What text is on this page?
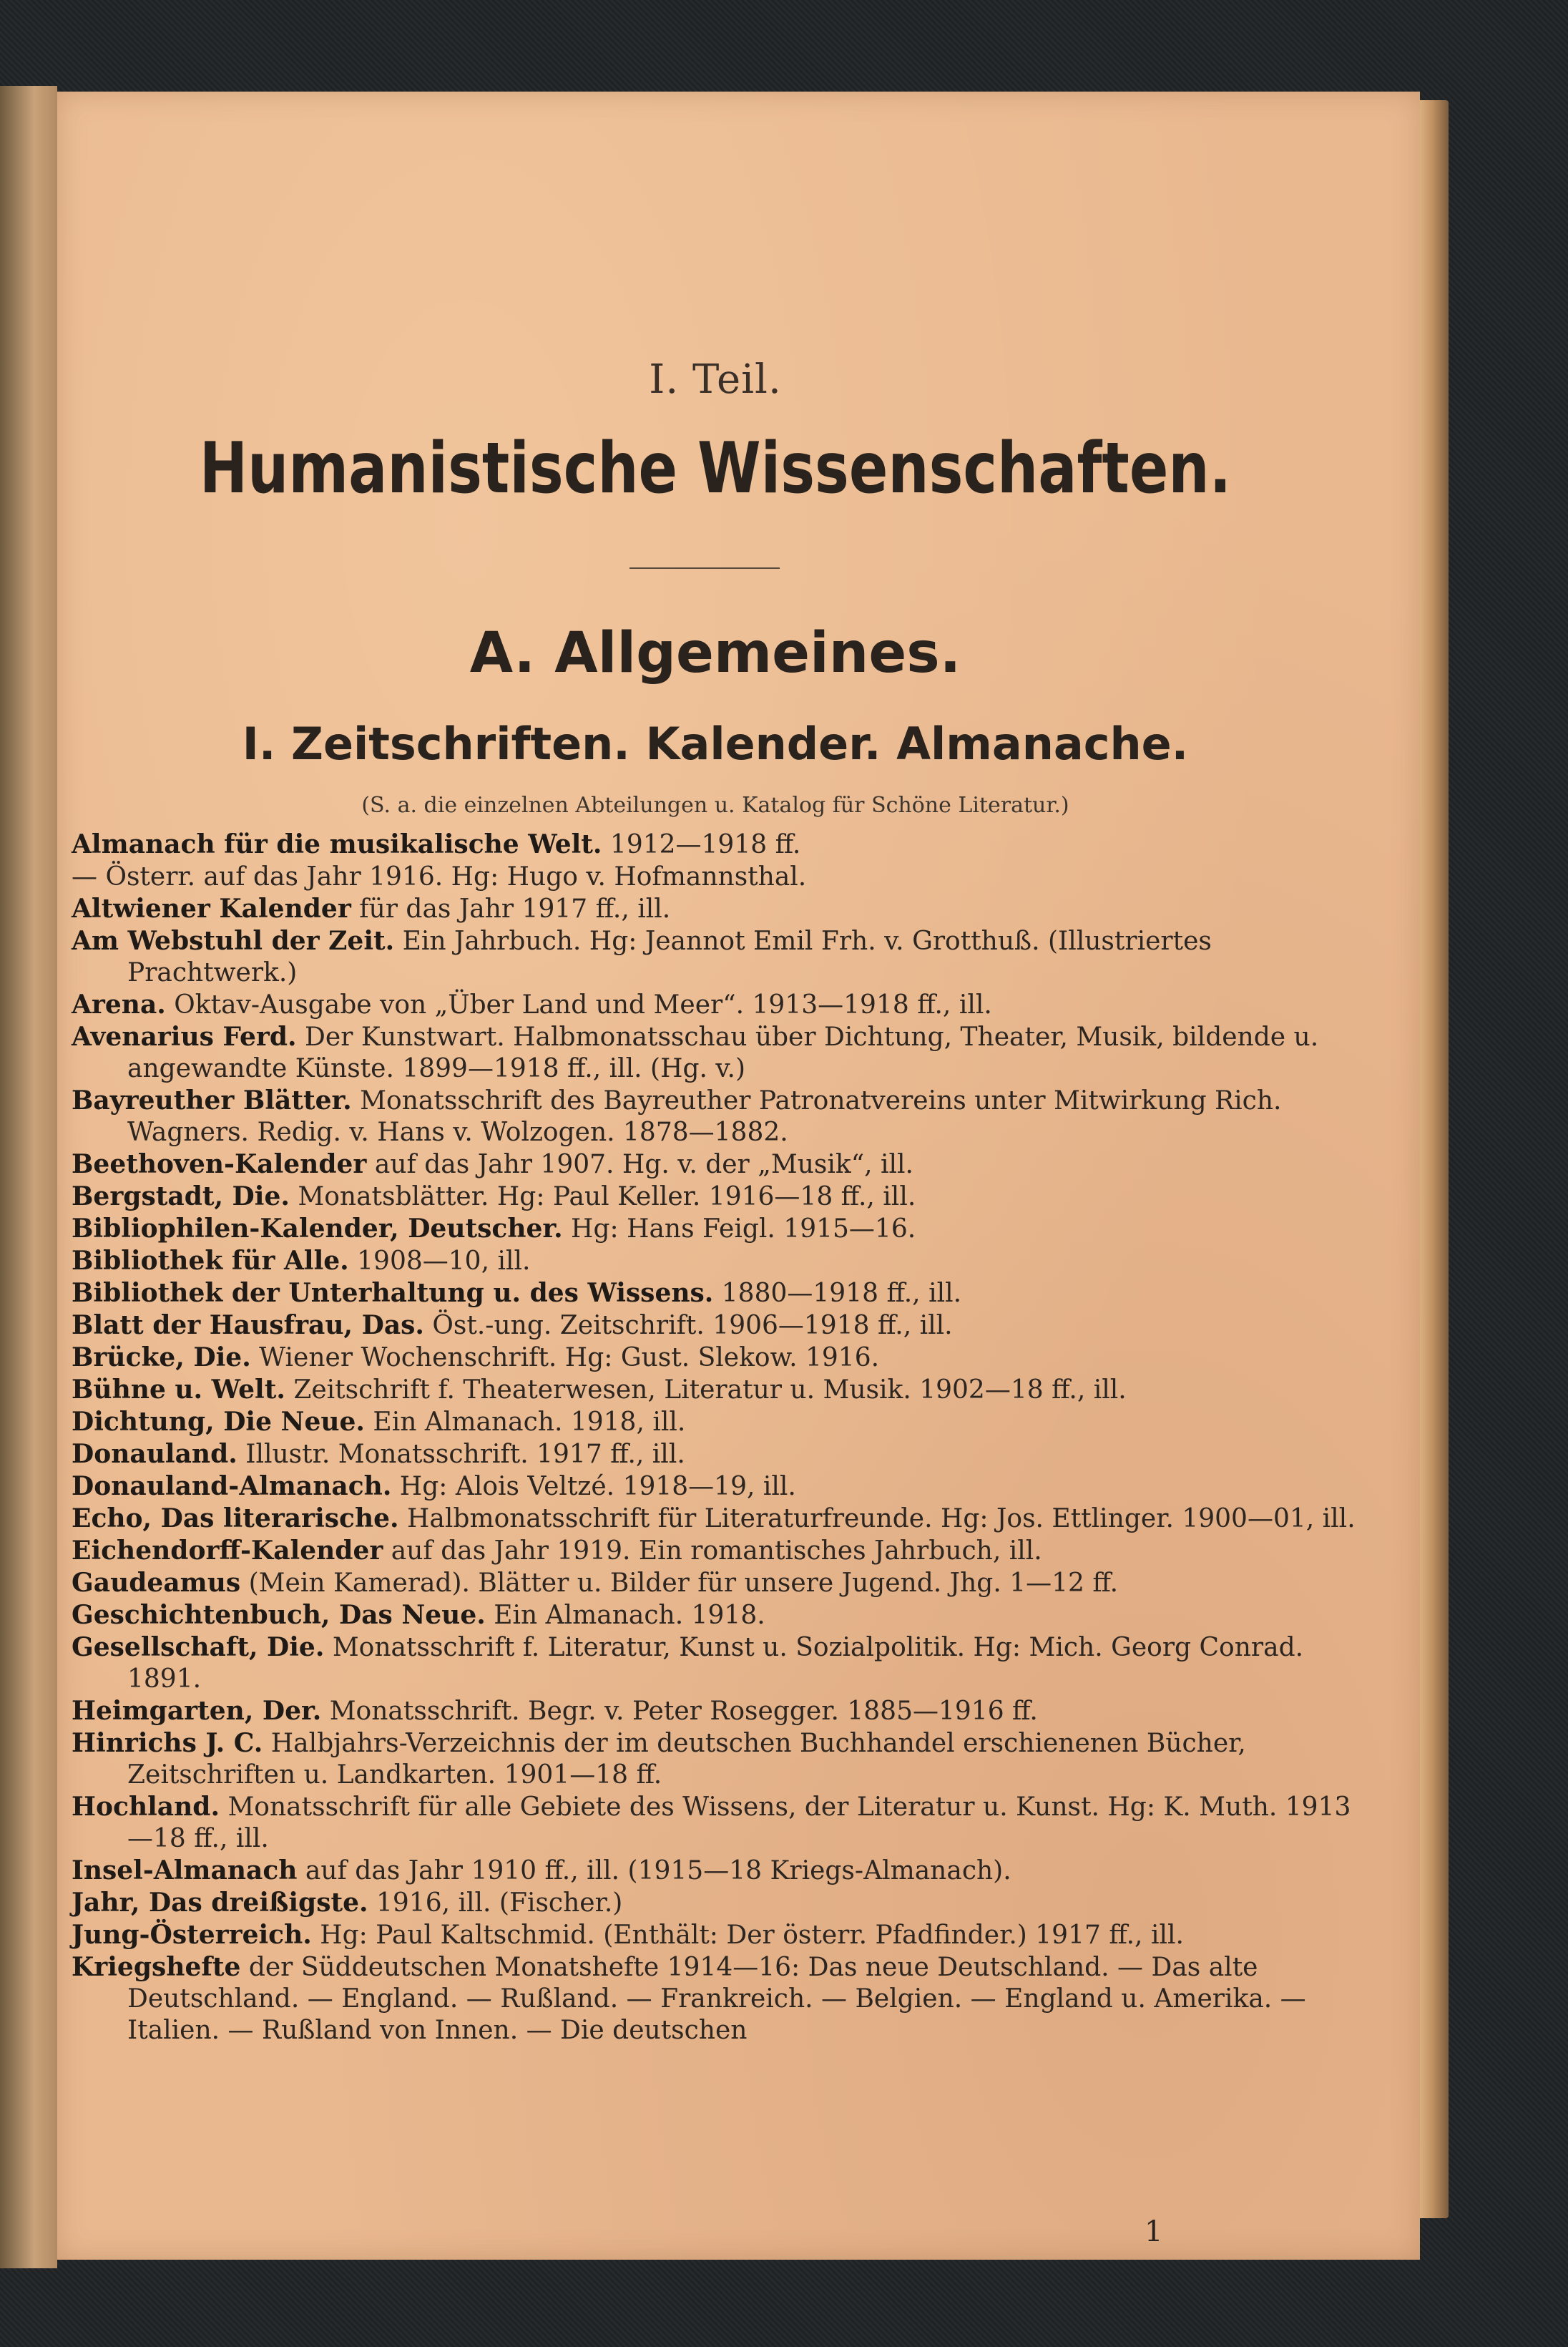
I. Teil.
Humanistische Wissenschaften.
A. Allgemeines.
I. Zeitschriften. Kalender. Almanache.
(S. a. die einzelnen Abteilungen u. Katalog für Schöne Literatur.)
Almanach für die musikalische Welt. 1912—1918 ff.
— Österr. auf das Jahr 1916. Hg: Hugo v. Hofmannsthal.
Altwiener Kalender für das Jahr 1917 ff., ill.
Am Webstuhl der Zeit. Ein Jahrbuch. Hg: Jeannot Emil Frh. v. Grotthuß. (Illustriertes Prachtwerk.)
Arena. Oktav-Ausgabe von „Über Land und Meer“. 1913—1918 ff., ill.
Avenarius Ferd. Der Kunstwart. Halbmonatsschau über Dichtung, Theater, Musik, bildende u. angewandte Künste. 1899—1918 ff., ill. (Hg. v.)
Bayreuther Blätter. Monatsschrift des Bayreuther Patronatvereins unter Mitwirkung Rich. Wagners. Redig. v. Hans v. Wolzogen. 1878—1882.
Beethoven-Kalender auf das Jahr 1907. Hg. v. der „Musik“, ill.
Bergstadt, Die. Monatsblätter. Hg: Paul Keller. 1916—18 ff., ill.
Bibliophilen-Kalender, Deutscher. Hg: Hans Feigl. 1915—16.
Bibliothek für Alle. 1908—10, ill.
Bibliothek der Unterhaltung u. des Wissens. 1880—1918 ff., ill.
Blatt der Hausfrau, Das. Öst.-ung. Zeitschrift. 1906—1918 ff., ill.
Brücke, Die. Wiener Wochenschrift. Hg: Gust. Slekow. 1916.
Bühne u. Welt. Zeitschrift f. Theaterwesen, Literatur u. Musik. 1902—18 ff., ill.
Dichtung, Die Neue. Ein Almanach. 1918, ill.
Donauland. Illustr. Monatsschrift. 1917 ff., ill.
Donauland-Almanach. Hg: Alois Veltzé. 1918—19, ill.
Echo, Das literarische. Halbmonatsschrift für Literaturfreunde. Hg: Jos. Ettlinger. 1900—01, ill.
Eichendorff-Kalender auf das Jahr 1919. Ein romantisches Jahrbuch, ill.
Gaudeamus (Mein Kamerad). Blätter u. Bilder für unsere Jugend. Jhg. 1—12 ff.
Geschichtenbuch, Das Neue. Ein Almanach. 1918.
Gesellschaft, Die. Monatsschrift f. Literatur, Kunst u. Sozialpolitik. Hg: Mich. Georg Conrad. 1891.
Heimgarten, Der. Monatsschrift. Begr. v. Peter Rosegger. 1885—1916 ff.
Hinrichs J. C. Halbjahrs-Verzeichnis der im deutschen Buchhandel erschienenen Bücher, Zeitschriften u. Landkarten. 1901—18 ff.
Hochland. Monatsschrift für alle Gebiete des Wissens, der Literatur u. Kunst. Hg: K. Muth. 1913—18 ff., ill.
Insel-Almanach auf das Jahr 1910 ff., ill. (1915—18 Kriegs-Almanach).
Jahr, Das dreißigste. 1916, ill. (Fischer.)
Jung-Österreich. Hg: Paul Kaltschmid. (Enthält: Der österr. Pfadfinder.) 1917 ff., ill.
Kriegshefte der Süddeutschen Monatshefte 1914—16: Das neue Deutschland. — Das alte Deutschland. — England. — Rußland. — Frankreich. — Belgien. — England u. Amerika. — Italien. — Rußland von Innen. — Die deutschen
1
